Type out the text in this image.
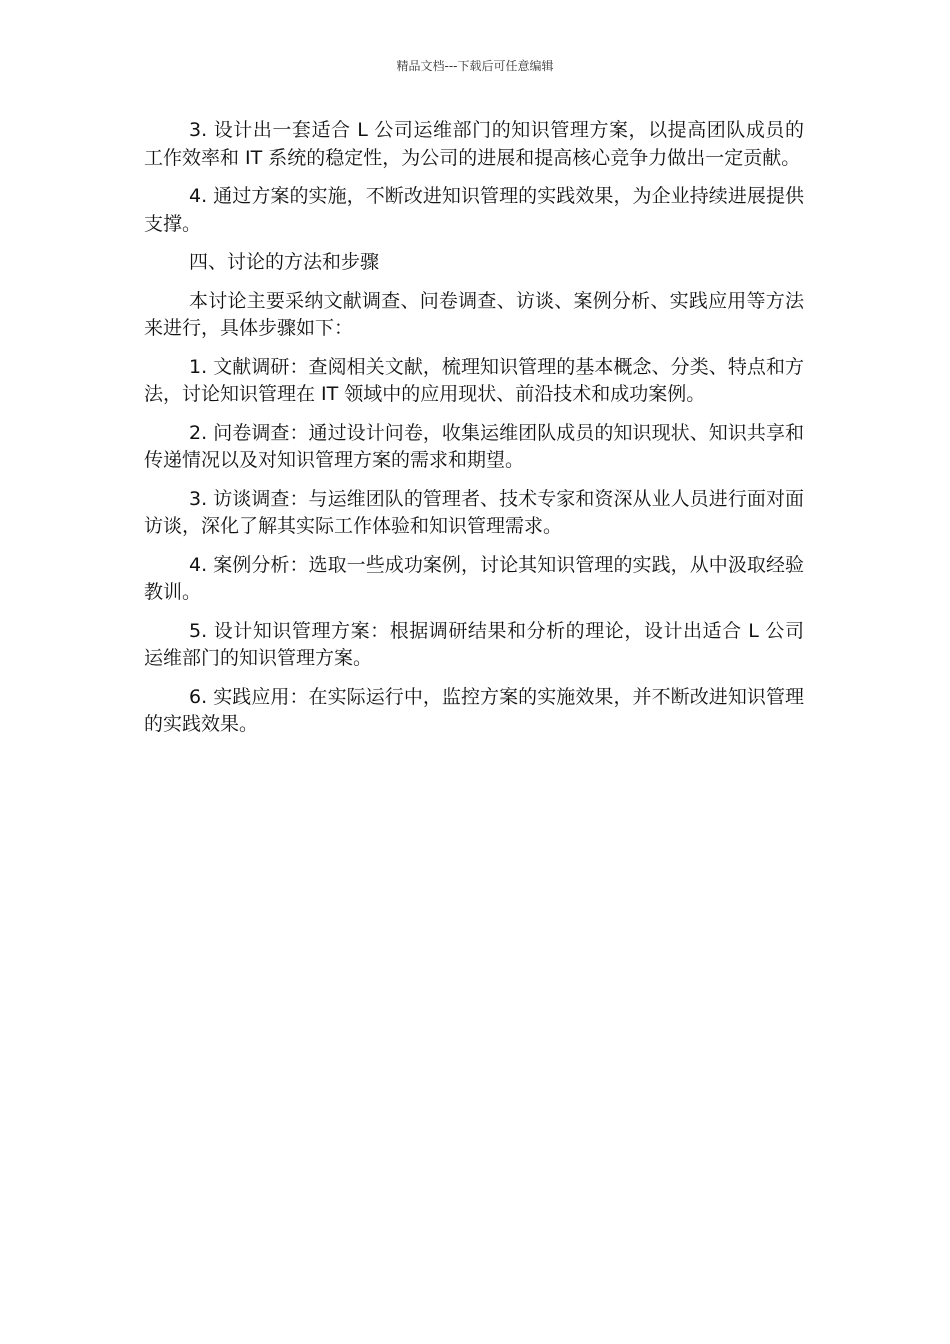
精品文档---下载后可任意编辑

3. 设计出一套适合 L 公司运维部门的知识管理方案，以提高团队成员的工作效率和 IT 系统的稳定性，为公司的进展和提高核心竞争力做出一定贡献。

4. 通过方案的实施，不断改进知识管理的实践效果，为企业持续进展提供支撑。

四、讨论的方法和步骤

本讨论主要采纳文献调查、问卷调查、访谈、案例分析、实践应用等方法来进行，具体步骤如下：

1. 文献调研：查阅相关文献，梳理知识管理的基本概念、分类、特点和方法，讨论知识管理在 IT 领域中的应用现状、前沿技术和成功案例。

2. 问卷调查：通过设计问卷，收集运维团队成员的知识现状、知识共享和传递情况以及对知识管理方案的需求和期望。

3. 访谈调查：与运维团队的管理者、技术专家和资深从业人员进行面对面访谈，深化了解其实际工作体验和知识管理需求。

4. 案例分析：选取一些成功案例，讨论其知识管理的实践，从中汲取经验教训。

5. 设计知识管理方案：根据调研结果和分析的理论，设计出适合 L 公司运维部门的知识管理方案。

6. 实践应用：在实际运行中，监控方案的实施效果，并不断改进知识管理的实践效果。
